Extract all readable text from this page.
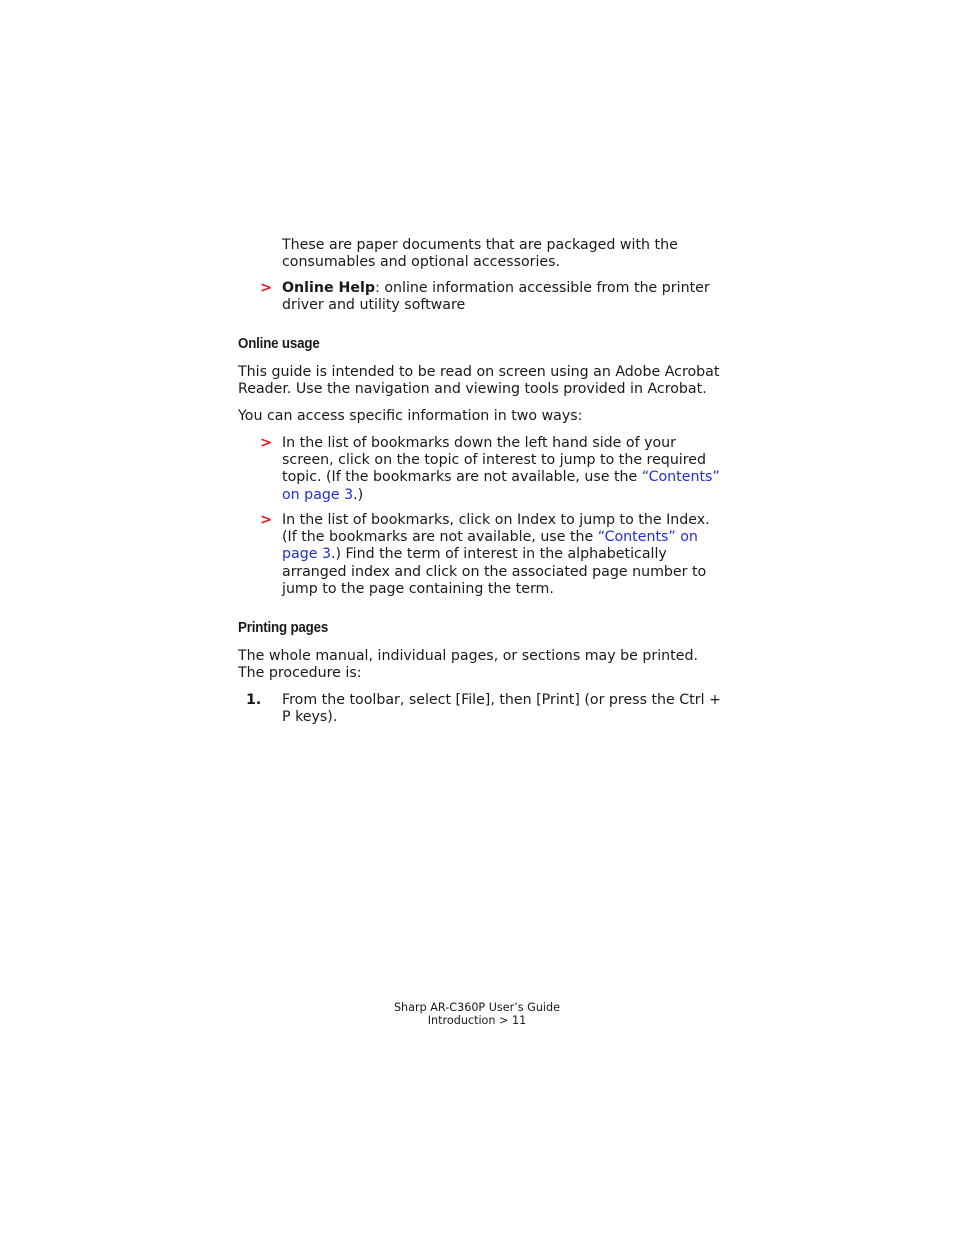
These are paper documents that are packaged with the consumables and optional accessories.

> Online Help: online information accessible from the printer driver and utility software

Online usage

This guide is intended to be read on screen using an Adobe Acrobat Reader. Use the navigation and viewing tools provided in Acrobat.

You can access specific information in two ways:

> In the list of bookmarks down the left hand side of your screen, click on the topic of interest to jump to the required topic. (If the bookmarks are not available, use the “Contents” on page 3.)

> In the list of bookmarks, click on Index to jump to the Index. (If the bookmarks are not available, use the “Contents” on page 3.) Find the term of interest in the alphabetically arranged index and click on the associated page number to jump to the page containing the term.

Printing pages

The whole manual, individual pages, or sections may be printed. The procedure is:

1. From the toolbar, select [File], then [Print] (or press the Ctrl + P keys).

Sharp AR-C360P User’s Guide
Introduction > 11
